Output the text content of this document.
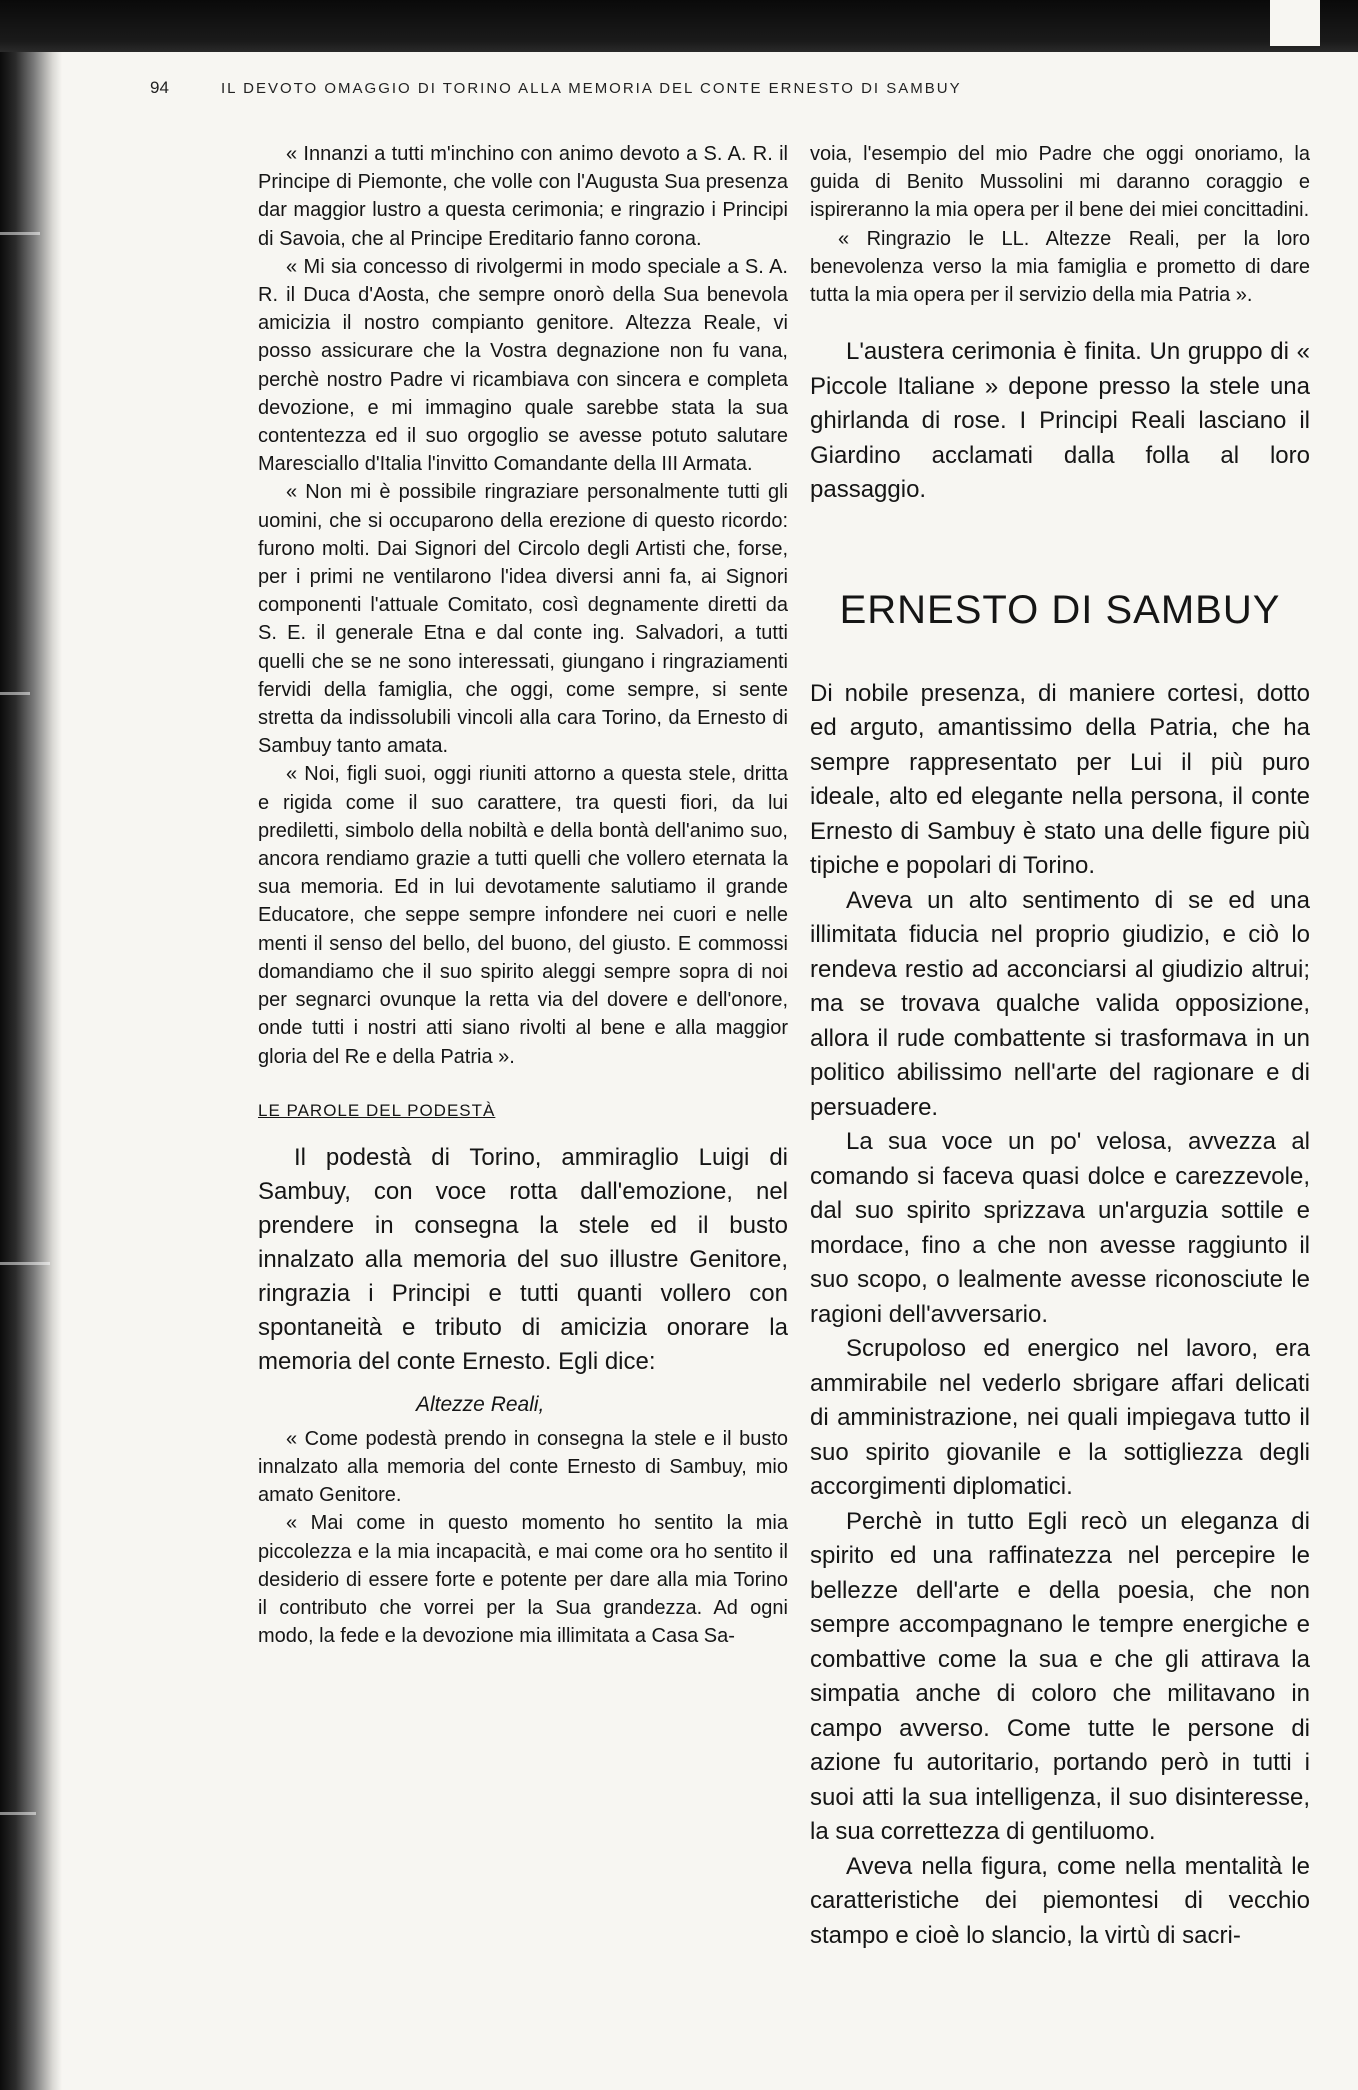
94	IL DEVOTO OMAGGIO DI TORINO ALLA MEMORIA DEL CONTE ERNESTO DI SAMBUY

« Innanzi a tutti m'inchino con animo devoto a S. A. R. il Principe di Piemonte, che volle con l'Augusta Sua presenza dar maggior lustro a questa cerimonia; e ringrazio i Principi di Savoia, che al Principe Ereditario fanno corona.

« Mi sia concesso di rivolgermi in modo speciale a S. A. R. il Duca d'Aosta, che sempre onorò della Sua benevola amicizia il nostro compianto genitore. Altezza Reale, vi posso assicurare che la Vostra degnazione non fu vana, perchè nostro Padre vi ricambiava con sincera e completa devozione, e mi immagino quale sarebbe stata la sua contentezza ed il suo orgoglio se avesse potuto salutare Maresciallo d'Italia l'invitto Comandante della III Armata.

« Non mi è possibile ringraziare personalmente tutti gli uomini, che si occuparono della erezione di questo ricordo: furono molti. Dai Signori del Circolo degli Artisti che, forse, per i primi ne ventilarono l'idea diversi anni fa, ai Signori componenti l'attuale Comitato, così degnamente diretti da S. E. il generale Etna e dal conte ing. Salvadori, a tutti quelli che se ne sono interessati, giungano i ringraziamenti fervidi della famiglia, che oggi, come sempre, si sente stretta da indissolubili vincoli alla cara Torino, da Ernesto di Sambuy tanto amata.

« Noi, figli suoi, oggi riuniti attorno a questa stele, dritta e rigida come il suo carattere, tra questi fiori, da lui prediletti, simbolo della nobiltà e della bontà dell'animo suo, ancora rendiamo grazie a tutti quelli che vollero eternata la sua memoria. Ed in lui devotamente salutiamo il grande Educatore, che seppe sempre infondere nei cuori e nelle menti il senso del bello, del buono, del giusto. E commossi domandiamo che il suo spirito aleggi sempre sopra di noi per segnarci ovunque la retta via del dovere e dell'onore, onde tutti i nostri atti siano rivolti al bene e alla maggior gloria del Re e della Patria ».

LE PAROLE DEL PODESTÀ

Il podestà di Torino, ammiraglio Luigi di Sambuy, con voce rotta dall'emozione, nel prendere in consegna la stele ed il busto innalzato alla memoria del suo illustre Genitore, ringrazia i Principi e tutti quanti vollero con spontaneità e tributo di amicizia onorare la memoria del conte Ernesto. Egli dice:

Altezze Reali,

« Come podestà prendo in consegna la stele e il busto innalzato alla memoria del conte Ernesto di Sambuy, mio amato Genitore.

« Mai come in questo momento ho sentito la mia piccolezza e la mia incapacità, e mai come ora ho sentito il desiderio di essere forte e potente per dare alla mia Torino il contributo che vorrei per la Sua grandezza. Ad ogni modo, la fede e la devozione mia illimitata a Casa Sa-

voia, l'esempio del mio Padre che oggi onoriamo, la guida di Benito Mussolini mi daranno coraggio e ispireranno la mia opera per il bene dei miei concittadini.

« Ringrazio le LL. Altezze Reali, per la loro benevolenza verso la mia famiglia e prometto di dare tutta la mia opera per il servizio della mia Patria ».

L'austera cerimonia è finita. Un gruppo di « Piccole Italiane » depone presso la stele una ghirlanda di rose. I Principi Reali lasciano il Giardino acclamati dalla folla al loro passaggio.

ERNESTO DI SAMBUY

Di nobile presenza, di maniere cortesi, dotto ed arguto, amantissimo della Patria, che ha sempre rappresentato per Lui il più puro ideale, alto ed elegante nella persona, il conte Ernesto di Sambuy è stato una delle figure più tipiche e popolari di Torino.

Aveva un alto sentimento di se ed una illimitata fiducia nel proprio giudizio, e ciò lo rendeva restio ad acconciarsi al giudizio altrui; ma se trovava qualche valida opposizione, allora il rude combattente si trasformava in un politico abilissimo nell'arte del ragionare e di persuadere.

La sua voce un po' velosa, avvezza al comando si faceva quasi dolce e carezzevole, dal suo spirito sprizzava un'arguzia sottile e mordace, fino a che non avesse raggiunto il suo scopo, o lealmente avesse riconosciute le ragioni dell'avversario.

Scrupoloso ed energico nel lavoro, era ammirabile nel vederlo sbrigare affari delicati di amministrazione, nei quali impiegava tutto il suo spirito giovanile e la sottigliezza degli accorgimenti diplomatici.

Perchè in tutto Egli recò un eleganza di spirito ed una raffinatezza nel percepire le bellezze dell'arte e della poesia, che non sempre accompagnano le tempre energiche e combattive come la sua e che gli attirava la simpatia anche di coloro che militavano in campo avverso. Come tutte le persone di azione fu autoritario, portando però in tutti i suoi atti la sua intelligenza, il suo disinteresse, la sua correttezza di gentiluomo.

Aveva nella figura, come nella mentalità le caratteristiche dei piemontesi di vecchio stampo e cioè lo slancio, la virtù di sacri-
